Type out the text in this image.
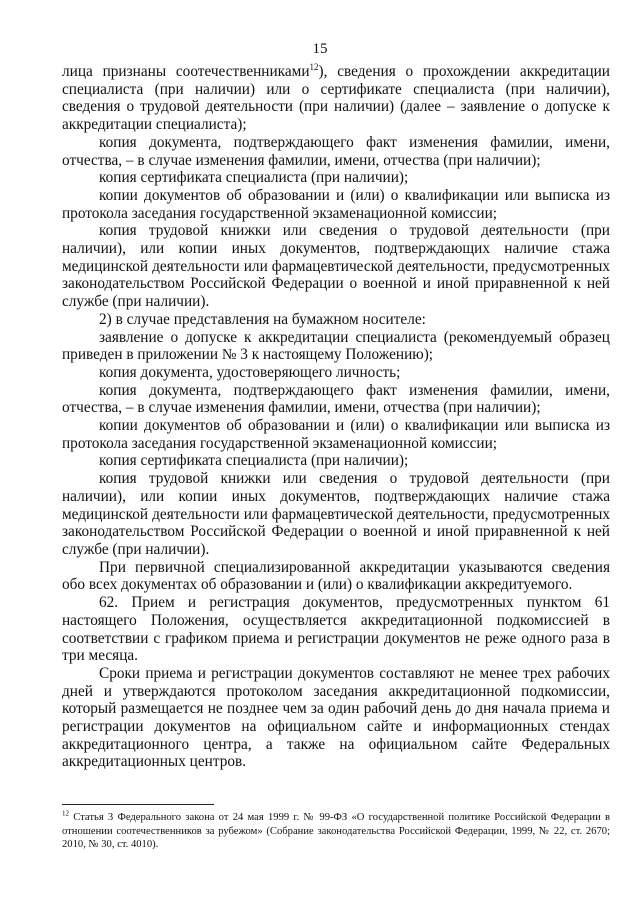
15

лица признаны соотечественниками$^{12}$), сведения о прохождении аккредитации специалиста (при наличии) или о сертификате специалиста (при наличии), сведения о трудовой деятельности (при наличии) (далее – заявление о допуске к аккредитации специалиста);

копия документа, подтверждающего факт изменения фамилии, имени, отчества, – в случае изменения фамилии, имени, отчества (при наличии);

копия сертификата специалиста (при наличии);

копии документов об образовании и (или) о квалификации или выписка из протокола заседания государственной экзаменационной комиссии;

копия трудовой книжки или сведения о трудовой деятельности (при наличии), или копии иных документов, подтверждающих наличие стажа медицинской деятельности или фармацевтической деятельности, предусмотренных законодательством Российской Федерации о военной и иной приравненной к ней службе (при наличии).

2) в случае представления на бумажном носителе:

заявление о допуске к аккредитации специалиста (рекомендуемый образец приведен в приложении № 3 к настоящему Положению);

копия документа, удостоверяющего личность;

копия документа, подтверждающего факт изменения фамилии, имени, отчества, – в случае изменения фамилии, имени, отчества (при наличии);

копии документов об образовании и (или) о квалификации или выписка из протокола заседания государственной экзаменационной комиссии;

копия сертификата специалиста (при наличии);

копия трудовой книжки или сведения о трудовой деятельности (при наличии), или копии иных документов, подтверждающих наличие стажа медицинской деятельности или фармацевтической деятельности, предусмотренных законодательством Российской Федерации о военной и иной приравненной к ней службе (при наличии).

При первичной специализированной аккредитации указываются сведения обо всех документах об образовании и (или) о квалификации аккредитуемого.

62. Прием и регистрация документов, предусмотренных пунктом 61 настоящего Положения, осуществляется аккредитационной подкомиссией в соответствии с графиком приема и регистрации документов не реже одного раза в три месяца.

Сроки приема и регистрации документов составляют не менее трех рабочих дней и утверждаются протоколом заседания аккредитационной подкомиссии, который размещается не позднее чем за один рабочий день до дня начала приема и регистрации документов на официальном сайте и информационных стендах аккредитационного центра, а также на официальном сайте Федеральных аккредитационных центров.

$^{12}$ Статья 3 Федерального закона от 24 мая 1999 г. № 99-ФЗ «О государственной политике Российской Федерации в отношении соотечественников за рубежом» (Собрание законодательства Российской Федерации, 1999, № 22, ст. 2670; 2010, № 30, ст. 4010).
